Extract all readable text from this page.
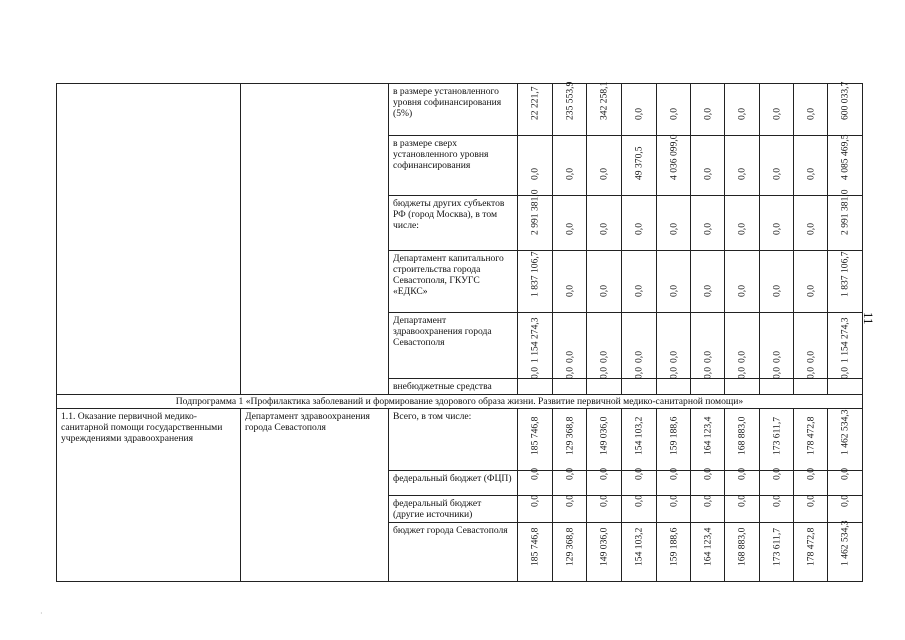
		в размере установленного уровня софинансирования (5%)	22 221,7	235 553,9	342 258,1	0,0	0,0	0,0	0,0	0,0	0,0	600 033,7

		в размере сверх установленного уровня софинансирования	0,0	0,0	0,0	49 370,5	4 036 099,0	0,0	0,0	0,0	0,0	4 085 469,5

		бюджеты других субъектов РФ (город Москва), в том числе:	2 991 381,0	0,0	0,0	0,0	0,0	0,0	0,0	0,0	0,0	2 991 381,0

		Департамент капитального строительства города Севастополя, ГКУГС «ЕДКС»	1 837 106,7	0,0	0,0	0,0	0,0	0,0	0,0	0,0	0,0	1 837 106,7

		Департамент здравоохранения города Севастополя	1 154 274,3	0,0	0,0	0,0	0,0	0,0	0,0	0,0	0,0	1 154 274,3

		внебюджетные средства	0,0	0,0	0,0	0,0	0,0	0,0	0,0	0,0	0,0	0,0

Подпрограмма 1 «Профилактика заболеваний и формирование здорового образа жизни. Развитие первичной медико-санитарной помощи»												
1.1. Оказание первичной медико-санитарной помощи государственными учреждениями здравоохранения	Департамент здравоохранения города Севастополя	Всего, в том числе:	185 746,8	129 368,8	149 036,0	154 103,2	159 188,6	164 123,4	168 883,0	173 611,7	178 472,8	1 462 534,3

		федеральный бюджет (ФЦП)	0,0	0,0	0,0	0,0	0,0	0,0	0,0	0,0	0,0	0,0

		федеральный бюджет (другие источники)	0,0	0,0	0,0	0,0	0,0	0,0	0,0	0,0	0,0	0,0

		бюджет города Севастополя	185 746,8	129 368,8	149 036,0	154 103,2	159 188,6	164 123,4	168 883,0	173 611,7	178 472,8	1 462 534,3
11
·
